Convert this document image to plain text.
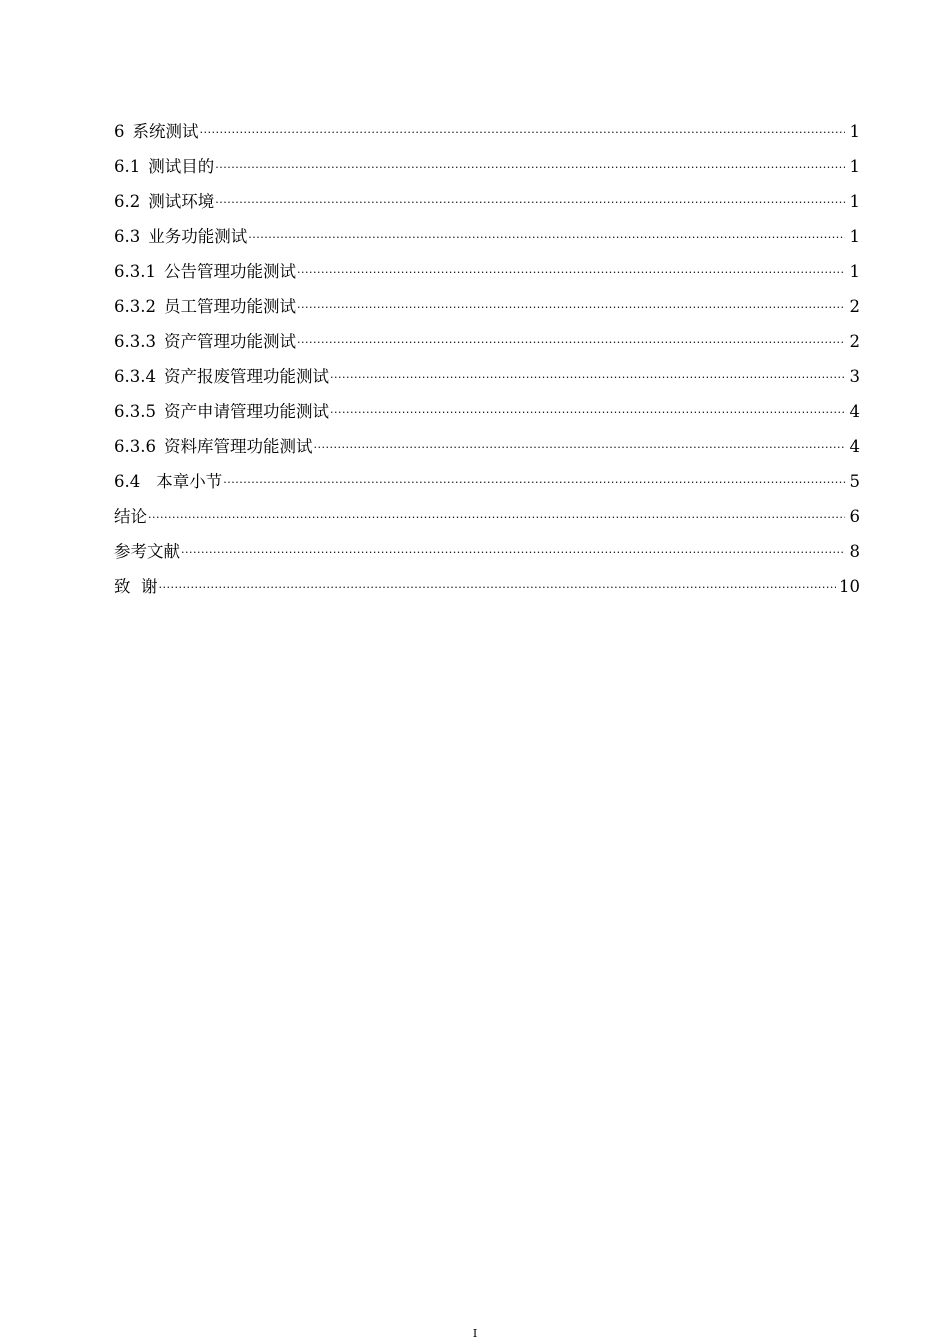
6 系统测试 .....	1
6.1 测试目的 .....	1
6.2 测试环境 .....	1
6.3 业务功能测试 .....	1
6.3.1 公告管理功能测试 .....	1
6.3.2 员工管理功能测试 .....	2
6.3.3 资产管理功能测试 .....	2
6.3.4 资产报废管理功能测试 .....	3
6.3.5 资产申请管理功能测试 .....	4
6.3.6 资料库管理功能测试 .....	4
6.4 本章小节 .....	5
结论 .....	6
参考文献 .....	8
致  谢 .....	10
I
